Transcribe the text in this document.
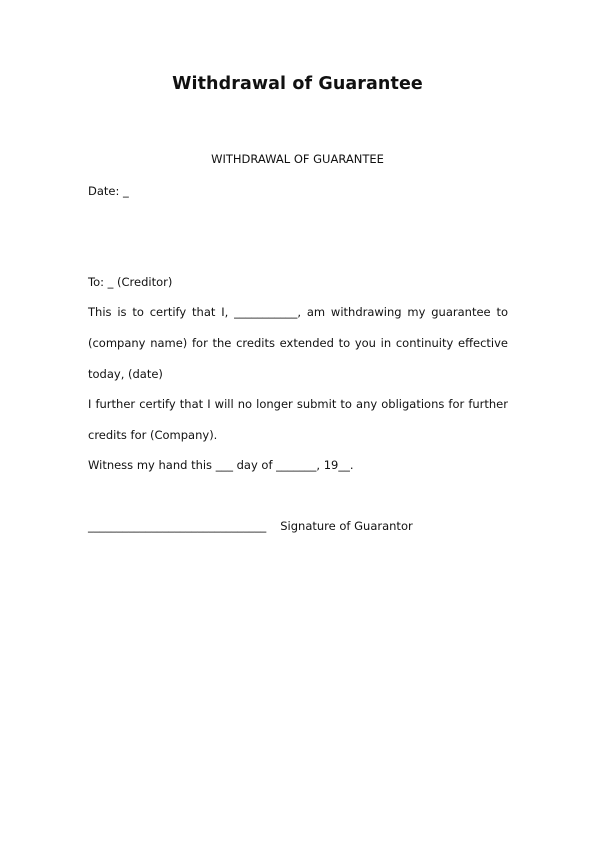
Withdrawal of Guarantee
WITHDRAWAL OF GUARANTEE
Date: _
To: _ (Creditor)
This is to certify that I, ___________, am withdrawing my guarantee to
(company name) for the credits extended to you in continuity effective
today, (date)
I further certify that I will no longer submit to any obligations for further
credits for (Company).
Witness my hand this ___ day of _______, 19__.
_______________________________ Signature of Guarantor
